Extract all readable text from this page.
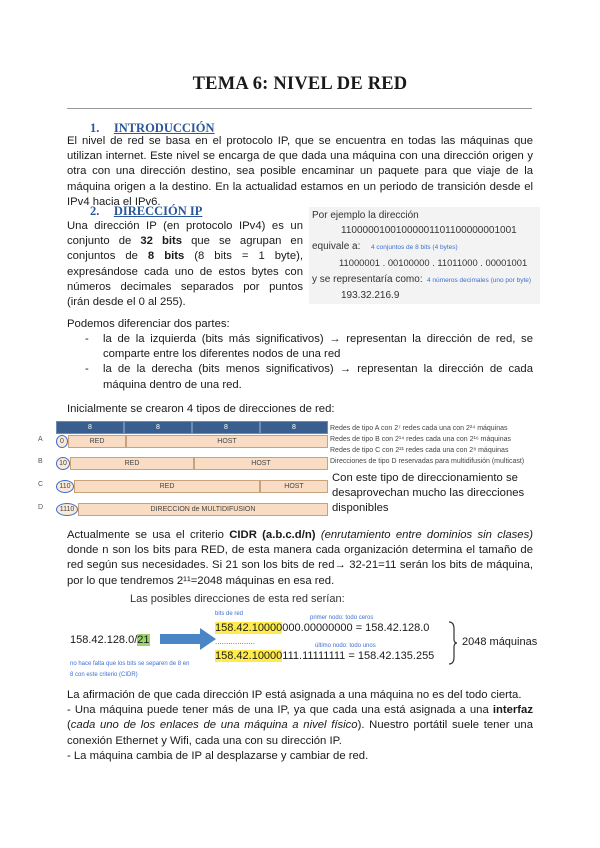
TEMA 6: NIVEL DE RED
1. INTRODUCCIÓN
El nivel de red se basa en el protocolo IP, que se encuentra en todas las máquinas que utilizan internet. Este nivel se encarga de que dada una máquina con una dirección origen y otra con una dirección destino, sea posible encaminar un paquete para que viaje de la máquina origen a la destino. En la actualidad estamos en un periodo de transición desde el IPv4 hacia el IPv6.
2. DIRECCIÓN IP
Una dirección IP (en protocolo IPv4) es un conjunto de 32 bits que se agrupan en conjuntos de 8 bits (8 bits = 1 byte), expresándose cada uno de estos bytes con números decimales separados por puntos (irán desde el 0 al 255).
Por ejemplo la dirección
11000001001000001101100000001001
equivale a: 4 conjuntos de 8 bits (4 bytes)
11000001 . 00100000 . 11011000 . 00001001
y se representaría como: 4 números decimales (uno por byte)
193.32.216.9
Podemos diferenciar dos partes:
- la de la izquierda (bits más significativos) → representan la dirección de red, se comparte entre los diferentes nodos de una red
- la de la derecha (bits menos significativos) → representan la dirección de cada máquina dentro de una red.
Inicialmente se crearon 4 tipos de direcciones de red:
8	8	8	8
A	0	RED	HOST
B	10	RED	HOST
C	110	RED	HOST
D	1110	DIRECCION de MULTIDIFUSION
Redes de tipo A con 2⁷ redes cada una con 2²⁴ máquinas
Redes de tipo B con 2¹⁴ redes cada una con 2¹⁶ máquinas
Redes de tipo C con 2²¹ redes cada una con 2⁸ máquinas
Direcciones de tipo D reservadas para multidifusión (multicast)
Con este tipo de direccionamiento se desaprovechan mucho las direcciones disponibles
Actualmente se usa el criterio CIDR (a.b.c.d/n) (enrutamiento entre dominios sin clases) donde n son los bits para RED, de esta manera cada organización determina el tamaño de red según sus necesidades. Si 21 son los bits de red→ 32-21=11 serán los bits de máquina, por lo que tendremos 2¹¹=2048 máquinas en esa red.
Las posibles direcciones de esta red serían:
158.42.128.0/21
no hace falta que los bits se separen de 8 en 8 con este criterio (CIDR)
bits de red
primer nodo: todo ceros
158.42.10000000.00000000 = 158.42.128.0
..................	último nodo: todo unos
158.42.10000111.11111111 = 158.42.135.255
2048 máquinas
La afirmación de que cada dirección IP está asignada a una máquina no es del todo cierta.
- Una máquina puede tener más de una IP, ya que cada una está asignada a una interfaz (cada uno de los enlaces de una máquina a nivel físico). Nuestro portátil suele tener una conexión Ethernet y Wifi, cada una con su dirección IP.
- La máquina cambia de IP al desplazarse y cambiar de red.
